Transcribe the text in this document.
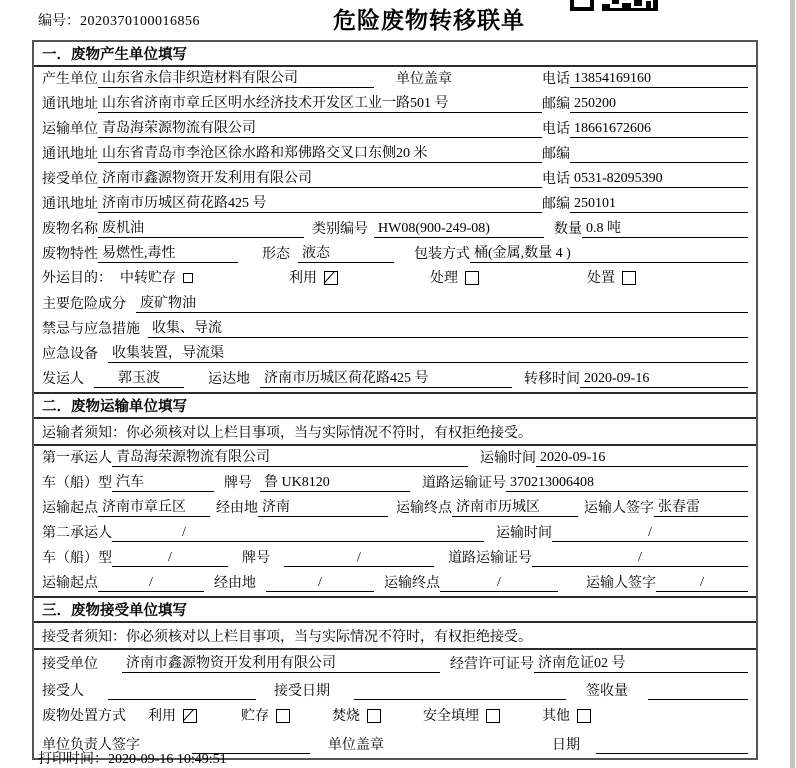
编号：2020370100016856	危险废物转移联单
一．废物产生单位填写
产生单位 山东省永信非织造材料有限公司	单位盖章	电话 13854169160
通讯地址 山东省济南市章丘区明水经济技术开发区工业一路501 号	邮编 250200
运输单位 青岛海荣源物流有限公司	电话 18661672606
通讯地址 山东省青岛市李沧区徐水路和郑佛路交叉口东侧20 米	邮编
接受单位 济南市鑫源物资开发利用有限公司	电话 0531-82095390
通讯地址 济南市历城区荷花路425 号	邮编 250101
废物名称 废机油	类别编号 HW08(900-249-08)	数量 0.8 吨
废物特性 易燃性,毒性	形态 液态	包装方式 桶(金属,数量 4 )
外运目的： 中转贮存	利用	处理	处置
主要危险成分 废矿物油
禁忌与应急措施 收集、导流
应急设备 收集装置，导流渠
发运人	郭玉波	运达地 济南市历城区荷花路425 号	转移时间 2020-09-16
二．废物运输单位填写
运输者须知： 你必须核对以上栏目事项，当与实际情况不符时，有权拒绝接受。
第一承运人 青岛海荣源物流有限公司	运输时间 2020-09-16
车（船）型 汽车	牌号 鲁 UK8120	道路运输证号 370213006408
运输起点 济南市章丘区	经由地 济南	运输终点 济南市历城区	运输人签字 张春雷
第二承运人	/	运输时间	/
车（船）型	/	牌号	/	道路运输证号	/
运输起点	/	经由地	/	运输终点	/	运输人签字	/
三．废物接受单位填写
接受者须知： 你必须核对以上栏目事项，当与实际情况不符时，有权拒绝接受。
接受单位 济南市鑫源物资开发利用有限公司	经营许可证号 济南危证02 号
接受人	接受日期	签收量
废物处置方式 利用	贮存	焚烧	安全填埋	其他
单位负责人签字	单位盖章	日期
打印时间：2020-09-16 10:49:51
